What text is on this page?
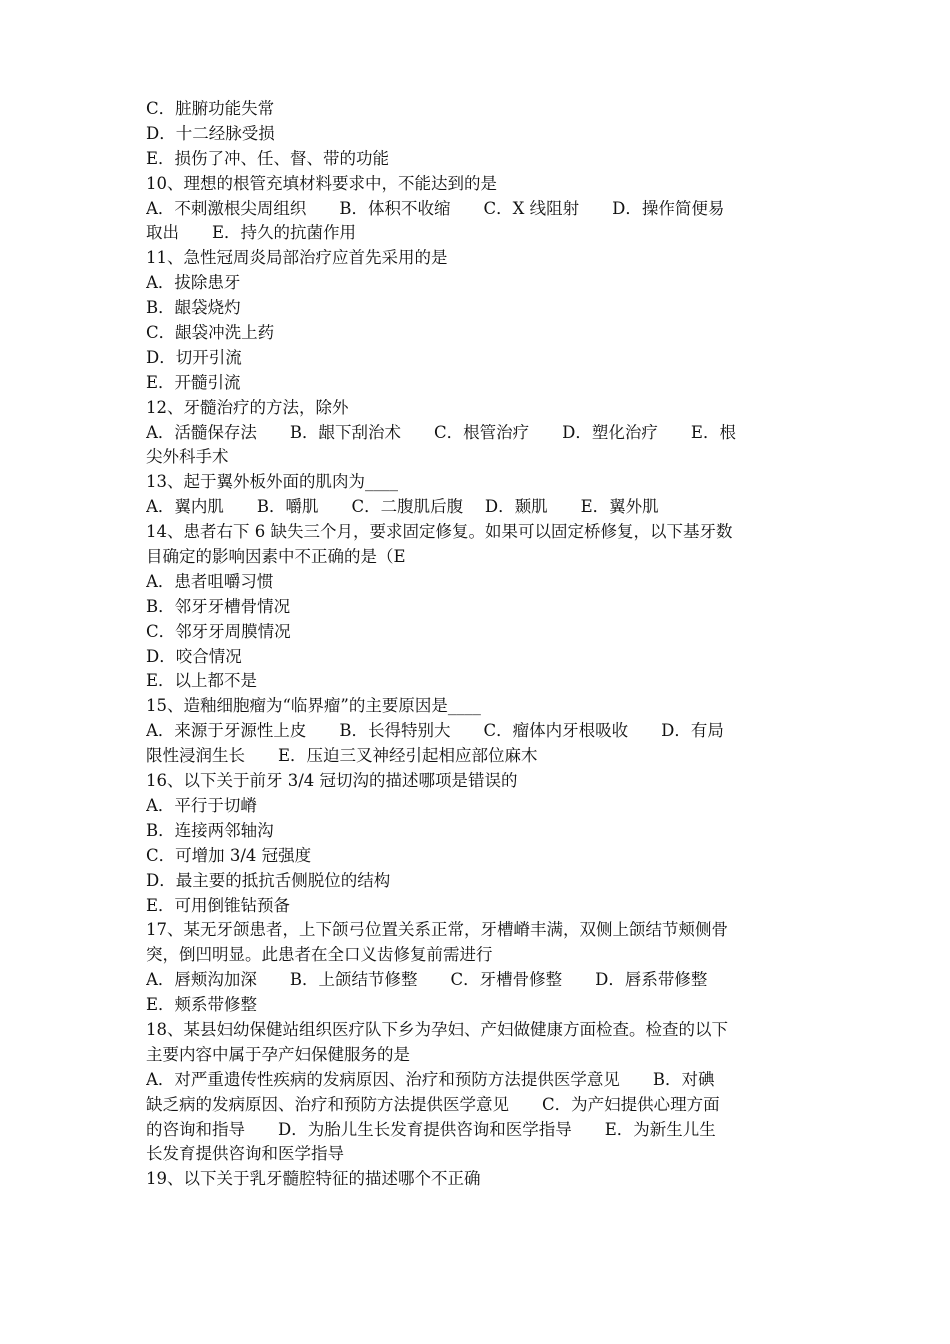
C．脏腑功能失常
D．十二经脉受损
E．损伤了冲、任、督、带的功能
10、理想的根管充填材料要求中，不能达到的是
A．不刺激根尖周组织　　B．体积不收缩　　C．X 线阻射　　D．操作简便易
取出　　E．持久的抗菌作用
11、急性冠周炎局部治疗应首先采用的是
A．拔除患牙
B．龈袋烧灼
C．龈袋冲洗上药
D．切开引流
E．开髓引流
12、牙髓治疗的方法，除外
A．活髓保存法　　B．龈下刮治术　　C．根管治疗　　D．塑化治疗　　E．根
尖外科手术
13、起于翼外板外面的肌肉为____
A．翼内肌　　B．嚼肌　　C．二腹肌后腹　 D．颞肌　　E．翼外肌
14、患者右下 6 缺失三个月，要求固定修复。如果可以固定桥修复，以下基牙数
目确定的影响因素中不正确的是（E
A．患者咀嚼习惯
B．邻牙牙槽骨情况
C．邻牙牙周膜情况
D．咬合情况
E．以上都不是
15、造釉细胞瘤为“临界瘤”的主要原因是____
A．来源于牙源性上皮　　B．长得特别大　　C．瘤体内牙根吸收　　D．有局
限性浸润生长　　E．压迫三叉神经引起相应部位麻木
16、以下关于前牙 3/4 冠切沟的描述哪项是错误的
A．平行于切嵴
B．连接两邻轴沟
C．可增加 3/4 冠强度
D．最主要的抵抗舌侧脱位的结构
E．可用倒锥钻预备
17、某无牙颌患者，上下颌弓位置关系正常，牙槽嵴丰满，双侧上颌结节颊侧骨
突，倒凹明显。此患者在全口义齿修复前需进行
A．唇颊沟加深　　B．上颌结节修整　　C．牙槽骨修整　　D．唇系带修整
E．颊系带修整
18、某县妇幼保健站组织医疗队下乡为孕妇、产妇做健康方面检查。检查的以下
主要内容中属于孕产妇保健服务的是
A．对严重遗传性疾病的发病原因、治疗和预防方法提供医学意见　　B．对碘
缺乏病的发病原因、治疗和预防方法提供医学意见　　C．为产妇提供心理方面
的咨询和指导　　D．为胎儿生长发育提供咨询和医学指导　　E．为新生儿生
长发育提供咨询和医学指导
19、以下关于乳牙髓腔特征的描述哪个不正确
